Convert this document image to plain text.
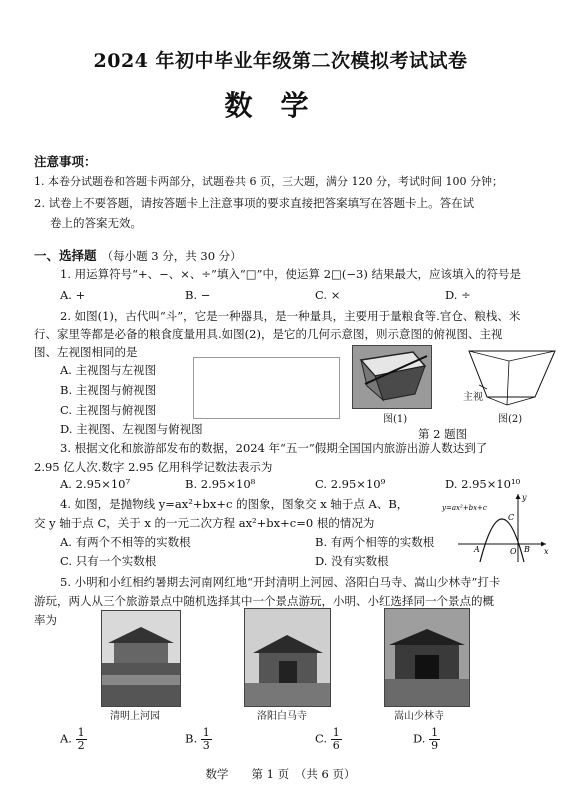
2024 年初中毕业年级第二次模拟考试试卷
数学
注意事项：
1. 本卷分试题卷和答题卡两部分，试题卷共 6 页，三大题，满分 120 分，考试时间 100 分钟；
2. 试卷上不要答题，请按答题卡上注意事项的要求直接把答案填写在答题卡上。答在试
卷上的答案无效。
一、选择题 （每小题 3 分，共 30 分）
1. 用运算符号“+、−、×、÷”填入“□”中，使运算 2□(−3) 结果最大，应该填入的符号是
A. +	B. −	C. ×	D. ÷
2. 如图(1)，古代叫“斗”，它是一种器具，是一种量具，主要用于量粮食等.官仓、粮栈、米
行、家里等都是必备的粮食度量用具.如图(2)，是它的几何示意图，则示意图的俯视图、主视
图、左视图相同的是
A. 主视图与左视图
B. 主视图与俯视图
C. 主视图与俯视图
D. 主视图、左视图与俯视图
图(1)
主视
图(2)
第 2 题图
3. 根据文化和旅游部发布的数据，2024 年“五一”假期全国国内旅游出游人数达到了
2.95 亿人次.数字 2.95 亿用科学记数法表示为
A. 2.95×10⁷	B. 2.95×10⁸	C. 2.95×10⁹	D. 2.95×10¹⁰
4. 如图，是抛物线 y=ax²+bx+c 的图象，图象交 x 轴于点 A、B，
交 y 轴于点 C，关于 x 的一元二次方程 ax²+bx+c=0 根的情况为
A. 有两个不相等的实数根	B. 有两个相等的实数根
C. 只有一个实数根	D. 没有实数根
y=ax²+bx+c
A	B
C
O	x
y
5. 小明和小红相约暑期去河南网红地“开封清明上河园、洛阳白马寺、嵩山少林寺”打卡
游玩，两人从三个旅游景点中随机选择其中一个景点游玩，小明、小红选择同一个景点的概
率为
清明上河园	洛阳白马寺	嵩山少林寺
A. $\frac{1}{2}$	B. $\frac{1}{3}$	C. $\frac{1}{6}$	D. $\frac{1}{9}$
数学　　第 1 页　（共 6 页）
